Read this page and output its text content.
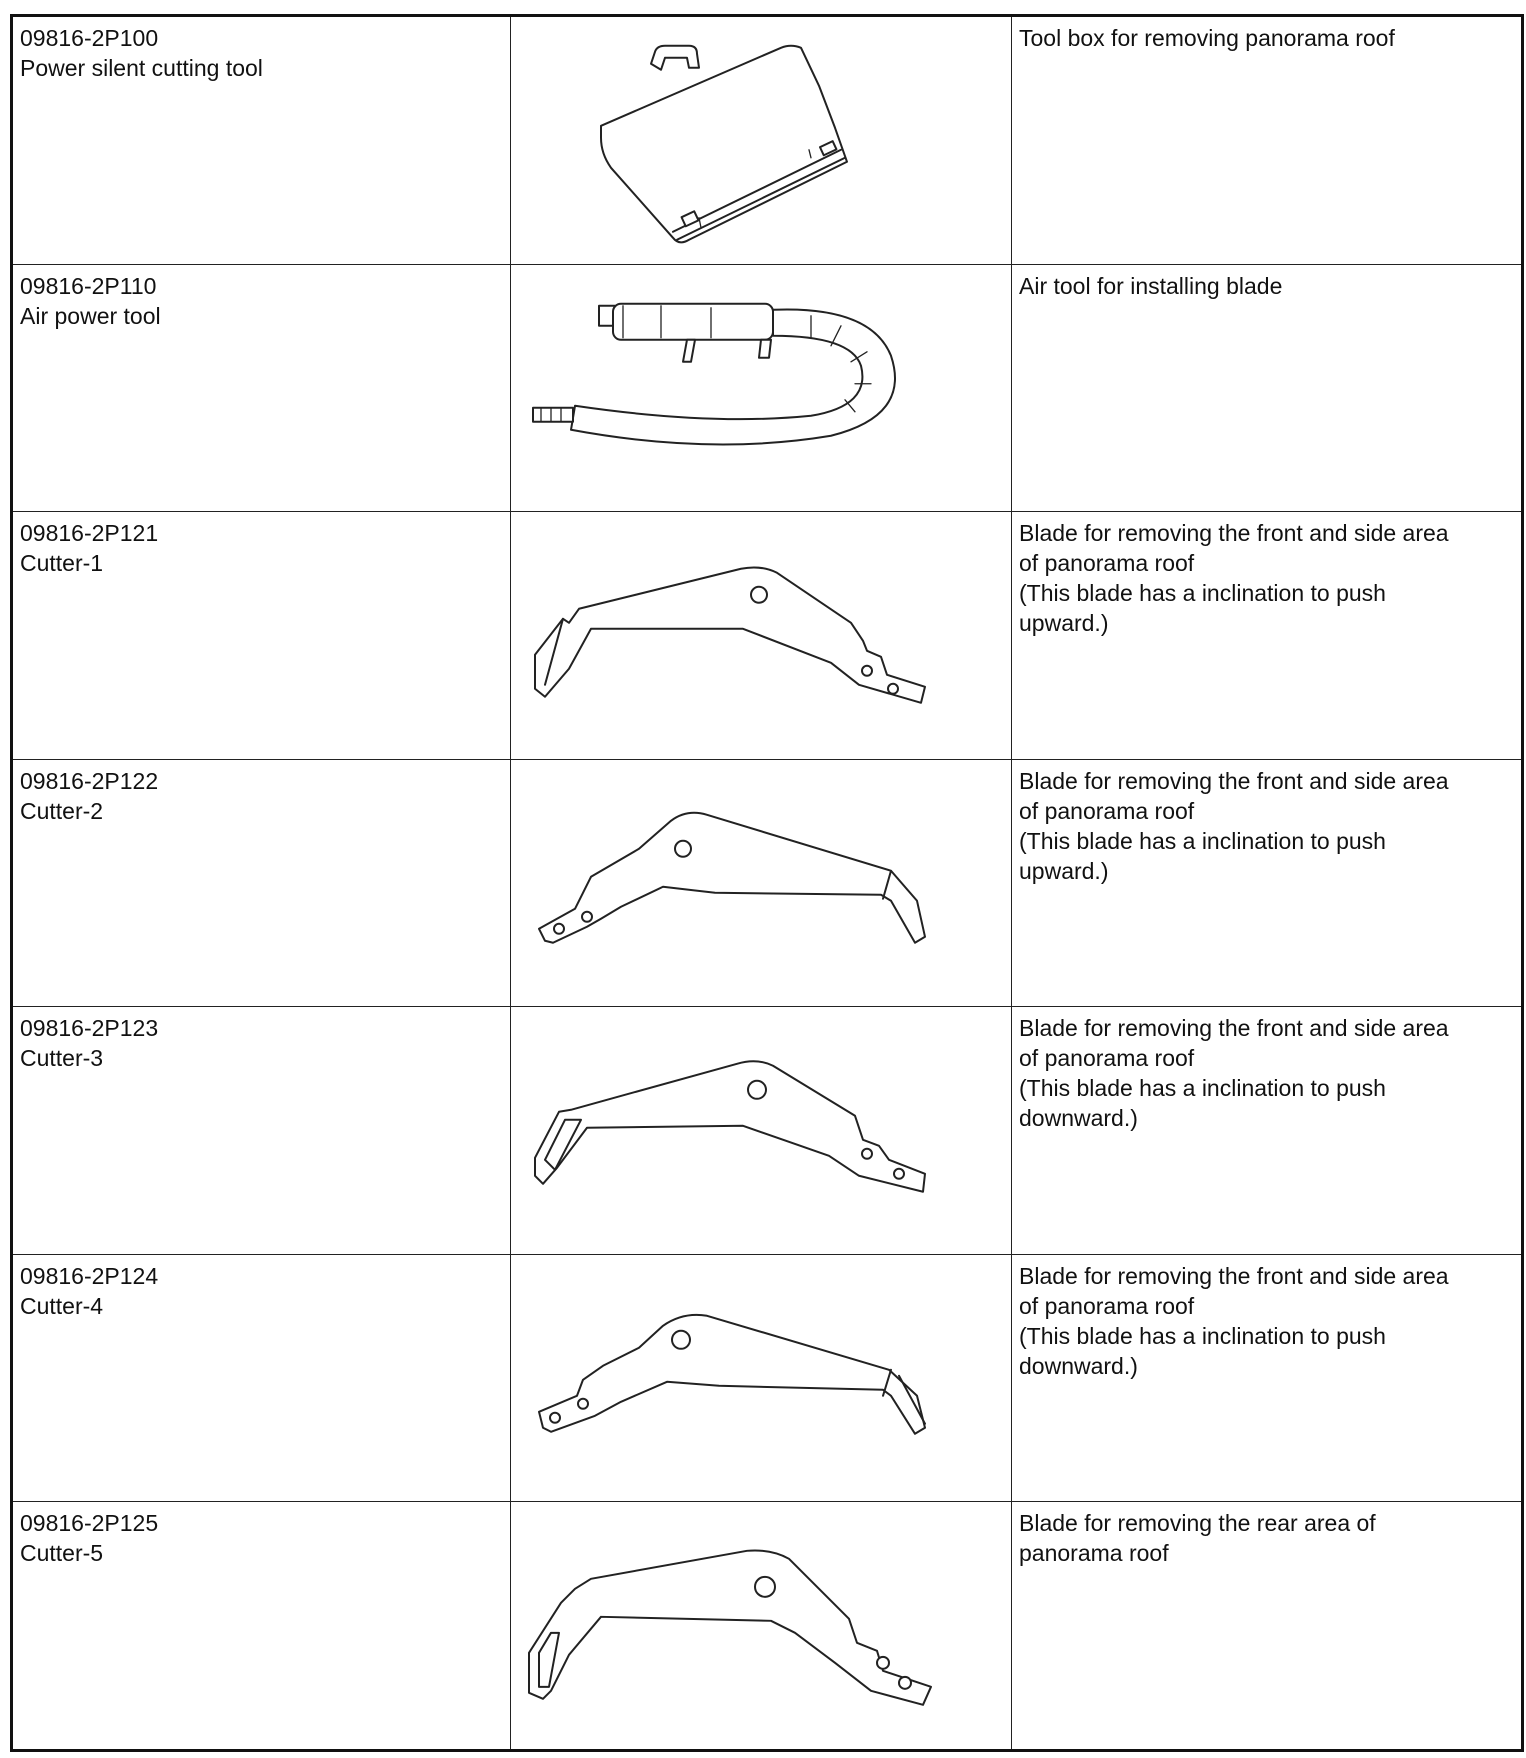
09816-2P100
Power silent cutting tool		Tool box for removing panorama roof

09816-2P110
Air power tool		Air tool for installing blade

09816-2P121
Cutter-1		Blade for removing the front and side area
of panorama roof
(This blade has a inclination to push
upward.)

09816-2P122
Cutter-2		Blade for removing the front and side area
of panorama roof
(This blade has a inclination to push
upward.)

09816-2P123
Cutter-3		Blade for removing the front and side area
of panorama roof
(This blade has a inclination to push
downward.)

09816-2P124
Cutter-4		Blade for removing the front and side area
of panorama roof
(This blade has a inclination to push
downward.)

09816-2P125
Cutter-5		Blade for removing the rear area of
panorama roof
